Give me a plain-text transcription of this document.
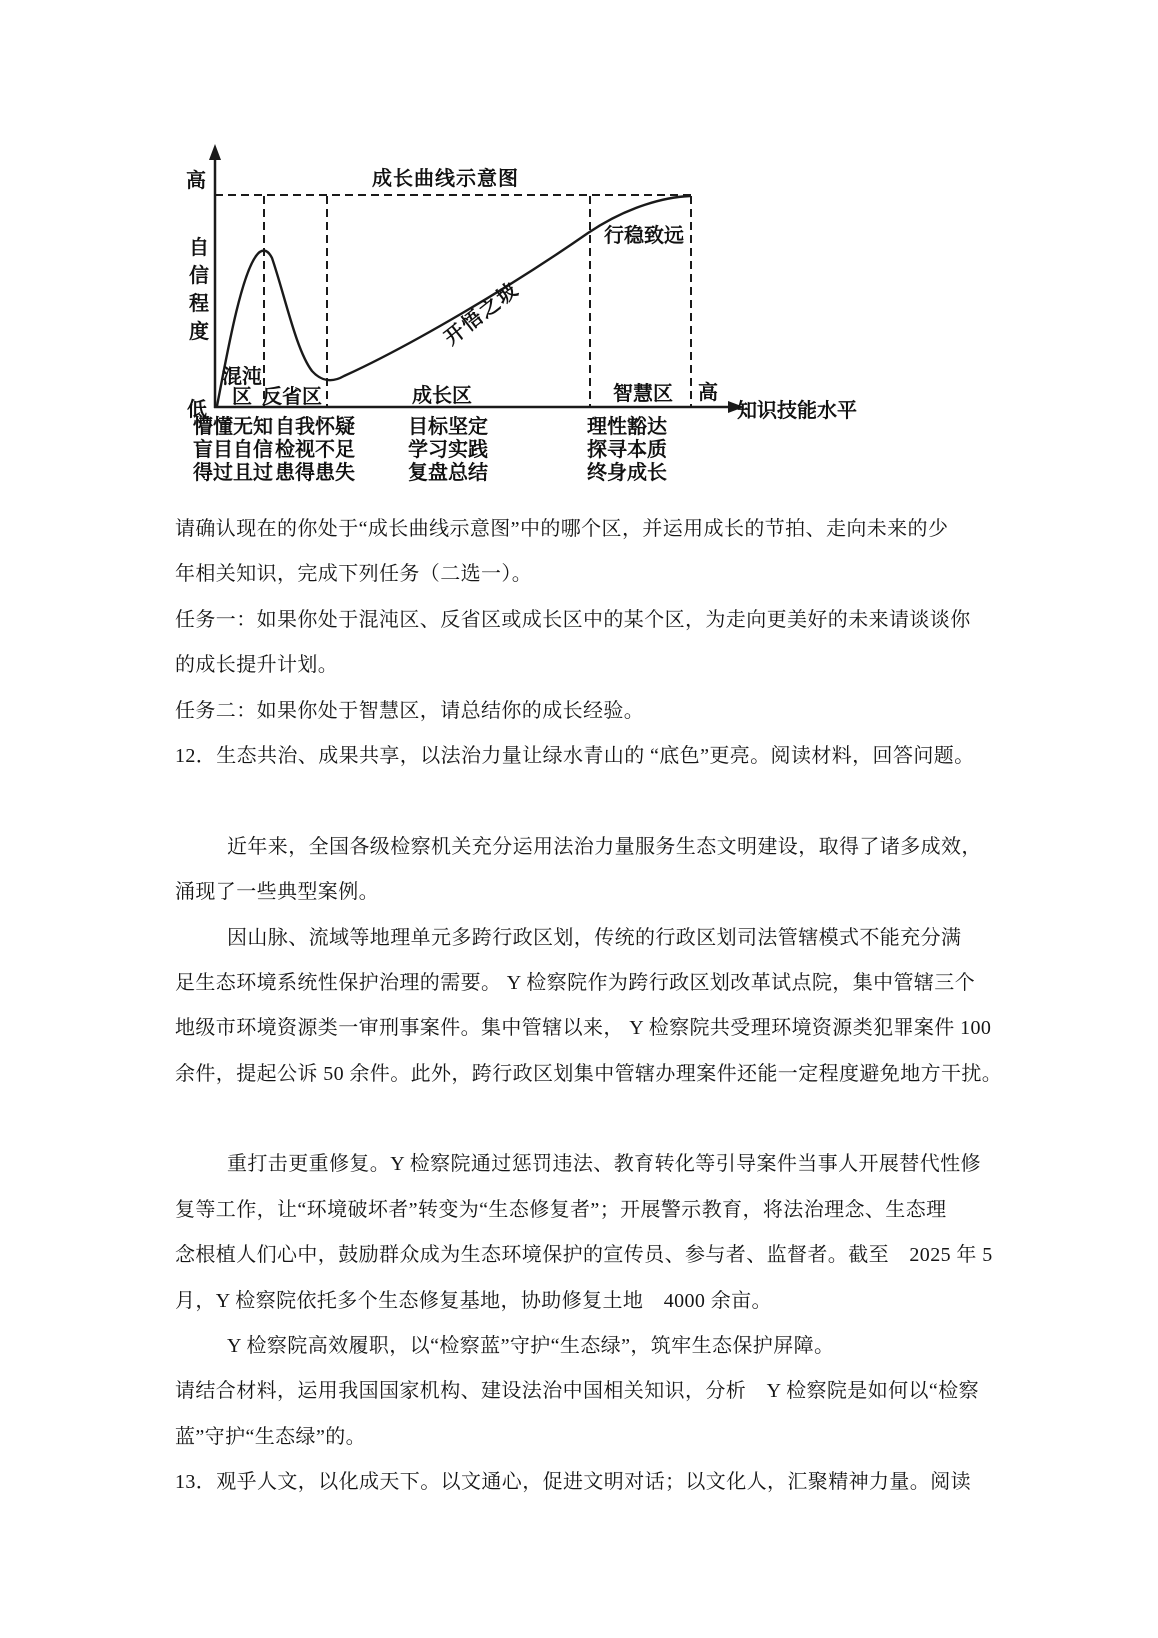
成长曲线示意图
高
自信程度
低
开悟之坡
行稳致远
混沌区 反省区	成长区	智慧区 高
知识技能水平
懵懂无知
盲目自信
得过且过
自我怀疑
检视不足
患得患失
目标坚定
学习实践
复盘总结
理性豁达
探寻本质
终身成长
请确认现在的你处于“成长曲线示意图”中的哪个区，并运用成长的节拍、走向未来的少
年相关知识，完成下列任务（二选一）。
任务一：如果你处于混沌区、反省区或成长区中的某个区，为走向更美好的未来请谈谈你
的成长提升计划。
任务二：如果你处于智慧区，请总结你的成长经验。
12．生态共治、成果共享，以法治力量让绿水青山的 “底色”更亮。阅读材料，回答问题。
近年来，全国各级检察机关充分运用法治力量服务生态文明建设，取得了诸多成效，
涌现了一些典型案例。
因山脉、流域等地理单元多跨行政区划，传统的行政区划司法管辖模式不能充分满
足生态环境系统性保护治理的需要。 Y 检察院作为跨行政区划改革试点院，集中管辖三个
地级市环境资源类一审刑事案件。集中管辖以来， Y 检察院共受理环境资源类犯罪案件 100
余件，提起公诉 50 余件。此外，跨行政区划集中管辖办理案件还能一定程度避免地方干扰。
重打击更重修复。Y 检察院通过惩罚违法、教育转化等引导案件当事人开展替代性修
复等工作，让“环境破坏者”转变为“生态修复者”；开展警示教育，将法治理念、生态理
念根植人们心中，鼓励群众成为生态环境保护的宣传员、参与者、监督者。截至　2025 年 5
月，Y 检察院依托多个生态修复基地，协助修复土地　4000 余亩。
Y 检察院高效履职，以“检察蓝”守护“生态绿”，筑牢生态保护屏障。
请结合材料，运用我国国家机构、建设法治中国相关知识，分析　Y 检察院是如何以“检察
蓝”守护“生态绿”的。
13．观乎人文，以化成天下。以文通心，促进文明对话；以文化人，汇聚精神力量。阅读
